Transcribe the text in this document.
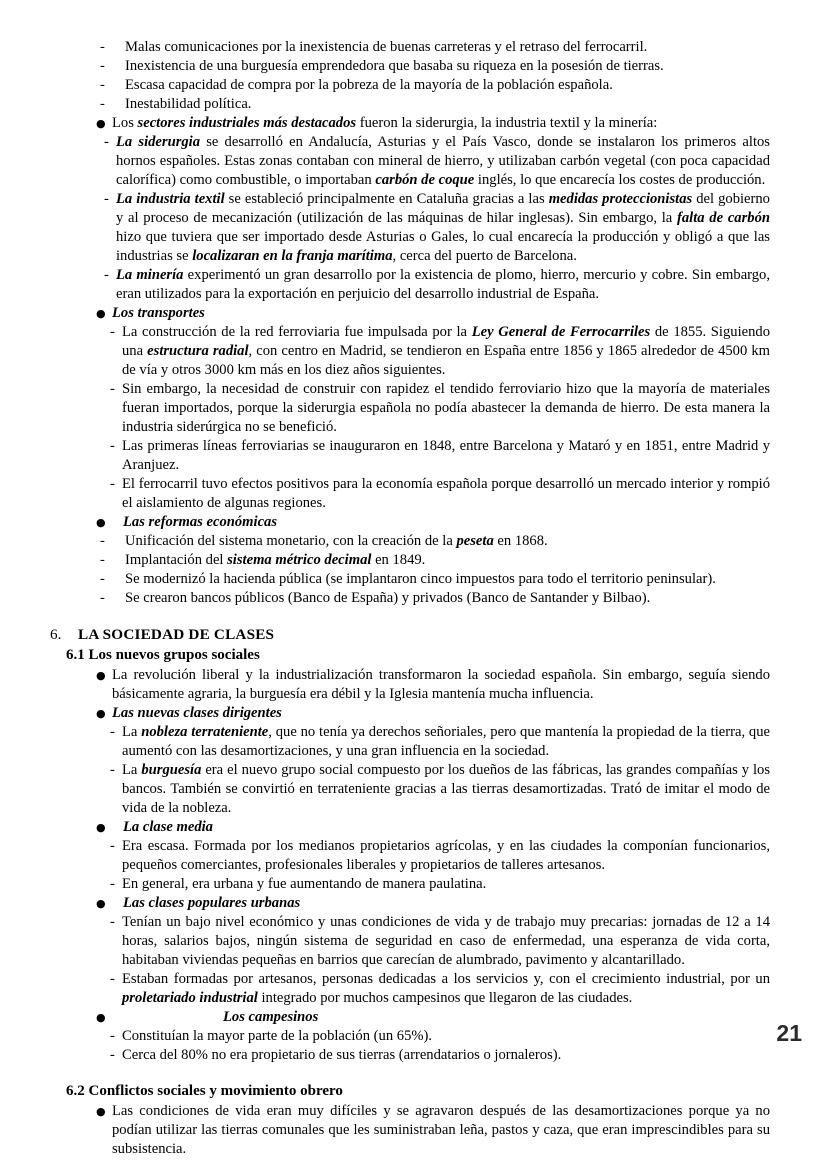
-	Malas comunicaciones por la inexistencia de buenas carreteras y el retraso del ferrocarril.
-	Inexistencia de una burguesía emprendedora que basaba su riqueza en la posesión de tierras.
-	Escasa capacidad de compra por la pobreza de la mayoría de la población española.
-	Inestabilidad política.
● Los sectores industriales más destacados fueron la siderurgia, la industria textil y la minería:
- La siderurgia se desarrolló en Andalucía, Asturias y el País Vasco, donde se instalaron los primeros altos hornos españoles. Estas zonas contaban con mineral de hierro, y utilizaban carbón vegetal (con poca capacidad calorífica) como combustible, o importaban carbón de coque inglés, lo que encarecía los costes de producción.
- La industria textil se estableció principalmente en Cataluña gracias a las medidas proteccionistas del gobierno y al proceso de mecanización (utilización de las máquinas de hilar inglesas). Sin embargo, la falta de carbón hizo que tuviera que ser importado desde Asturias o Gales, lo cual encarecía la producción y obligó a que las industrias se localizaran en la franja marítima, cerca del puerto de Barcelona.
- La minería experimentó un gran desarrollo por la existencia de plomo, hierro, mercurio y cobre. Sin embargo, eran utilizados para la exportación en perjuicio del desarrollo industrial de España.
● Los transportes
- La construcción de la red ferroviaria fue impulsada por la Ley General de Ferrocarriles de 1855. Siguiendo una estructura radial, con centro en Madrid, se tendieron en España entre 1856 y 1865 alrededor de 4500 km de vía y otros 3000 km más en los diez años siguientes.
- Sin embargo, la necesidad de construir con rapidez el tendido ferroviario hizo que la mayoría de materiales fueran importados, porque la siderurgia española no podía abastecer la demanda de hierro. De esta manera la industria siderúrgica no se benefició.
- Las primeras líneas ferroviarias se inauguraron en 1848, entre Barcelona y Mataró y en 1851, entre Madrid y Aranjuez.
- El ferrocarril tuvo efectos positivos para la economía española porque desarrolló un mercado interior y rompió el aislamiento de algunas regiones.
●	Las reformas económicas
-	Unificación del sistema monetario, con la creación de la peseta en 1868.
-	Implantación del sistema métrico decimal en 1849.
-	Se modernizó la hacienda pública (se implantaron cinco impuestos para todo el territorio peninsular).
-	Se crearon bancos públicos (Banco de España) y privados (Banco de Santander y Bilbao).
6.	LA SOCIEDAD DE CLASES
6.1 Los nuevos grupos sociales
● La revolución liberal y la industrialización transformaron la sociedad española. Sin embargo, seguía siendo básicamente agraria, la burguesía era débil y la Iglesia mantenía mucha influencia.
● Las nuevas clases dirigentes
- La nobleza terrateniente, que no tenía ya derechos señoriales, pero que mantenía la propiedad de la tierra, que aumentó con las desamortizaciones, y una gran influencia en la sociedad.
- La burguesía era el nuevo grupo social compuesto por los dueños de las fábricas, las grandes compañías y los bancos. También se convirtió en terrateniente gracias a las tierras desamortizadas. Trató de imitar el modo de vida de la nobleza.
●	La clase media
- Era escasa. Formada por los medianos propietarios agrícolas, y en las ciudades la componían funcionarios, pequeños comerciantes, profesionales liberales y propietarios de talleres artesanos.
- En general, era urbana y fue aumentando de manera paulatina.
●	Las clases populares urbanas
- Tenían un bajo nivel económico y unas condiciones de vida y de trabajo muy precarias: jornadas de 12 a 14 horas, salarios bajos, ningún sistema de seguridad en caso de enfermedad, una esperanza de vida corta, habitaban viviendas pequeñas en barrios que carecían de alumbrado, pavimento y alcantarillado.
- Estaban formadas por artesanos, personas dedicadas a los servicios y, con el crecimiento industrial, por un proletariado industrial integrado por muchos campesinos que llegaron de las ciudades.
●	Los campesinos
- Constituían la mayor parte de la población (un 65%).
- Cerca del 80% no era propietario de sus tierras (arrendatarios o jornaleros).
6.2 Conflictos sociales y movimiento obrero
● Las condiciones de vida eran muy difíciles y se agravaron después de las desamortizaciones porque ya no podían utilizar las tierras comunales que les suministraban leña, pastos y caza, que eran imprescindibles para su subsistencia.
21
